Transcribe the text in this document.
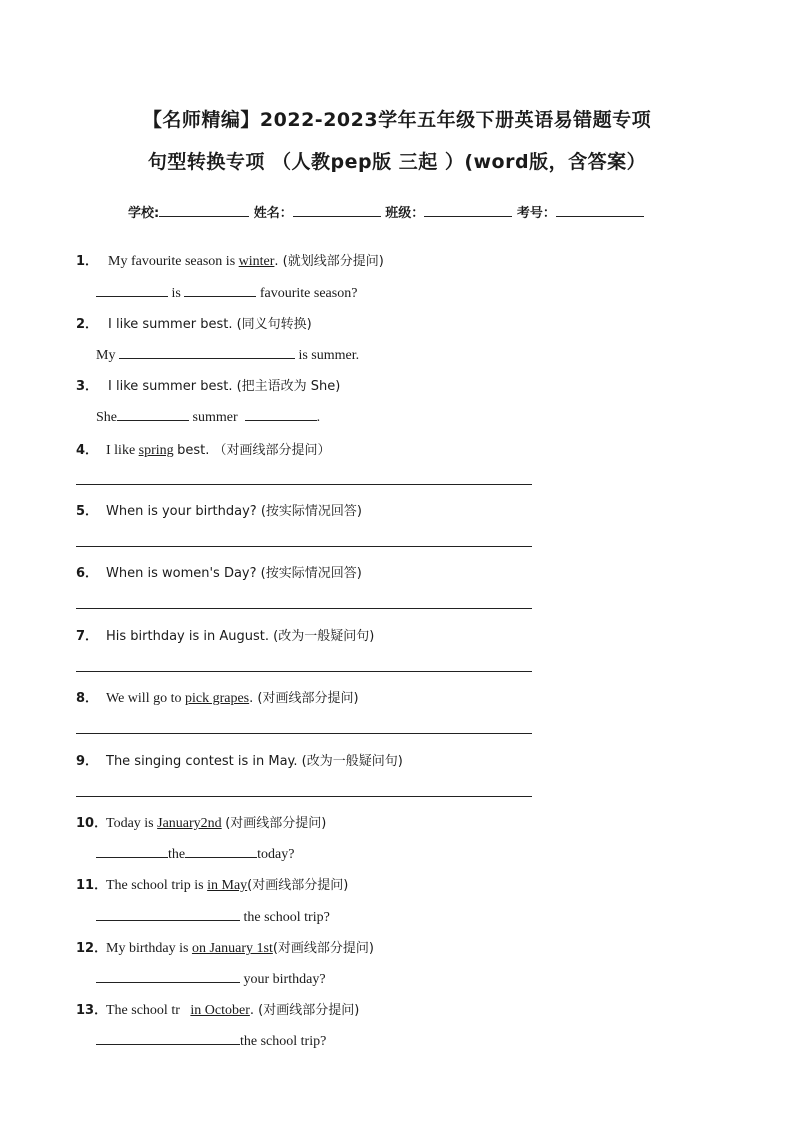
【名师精编】2022-2023学年五年级下册英语易错题专项
句型转换专项 （人教pep版 三起 ）(word版，含答案）
学校:	姓名：	班级：	考号：
1． My favourite season is winter. (就划线部分提问)
is	favourite season?
2． I like summer best. (同义句转换)
My	is summer.
3． I like summer best. (把主语改为 She)
She	summer	.
4． I like spring best. （对画线部分提问）
5． When is your birthday? (按实际情况回答)
6． When is women's Day? (按实际情况回答)
7． His birthday is in August. (改为一般疑问句)
8． We will go to pick grapes. (对画线部分提问)
9． The singing contest is in May. (改为一般疑问句)
10．Today is January2nd (对画线部分提问)
the	today?
11．The school trip is in May(对画线部分提问)
the school trip?
12．My birthday is on January 1st(对画线部分提问)
your birthday?
13．The school tr in October. (对画线部分提问)
the school trip?
